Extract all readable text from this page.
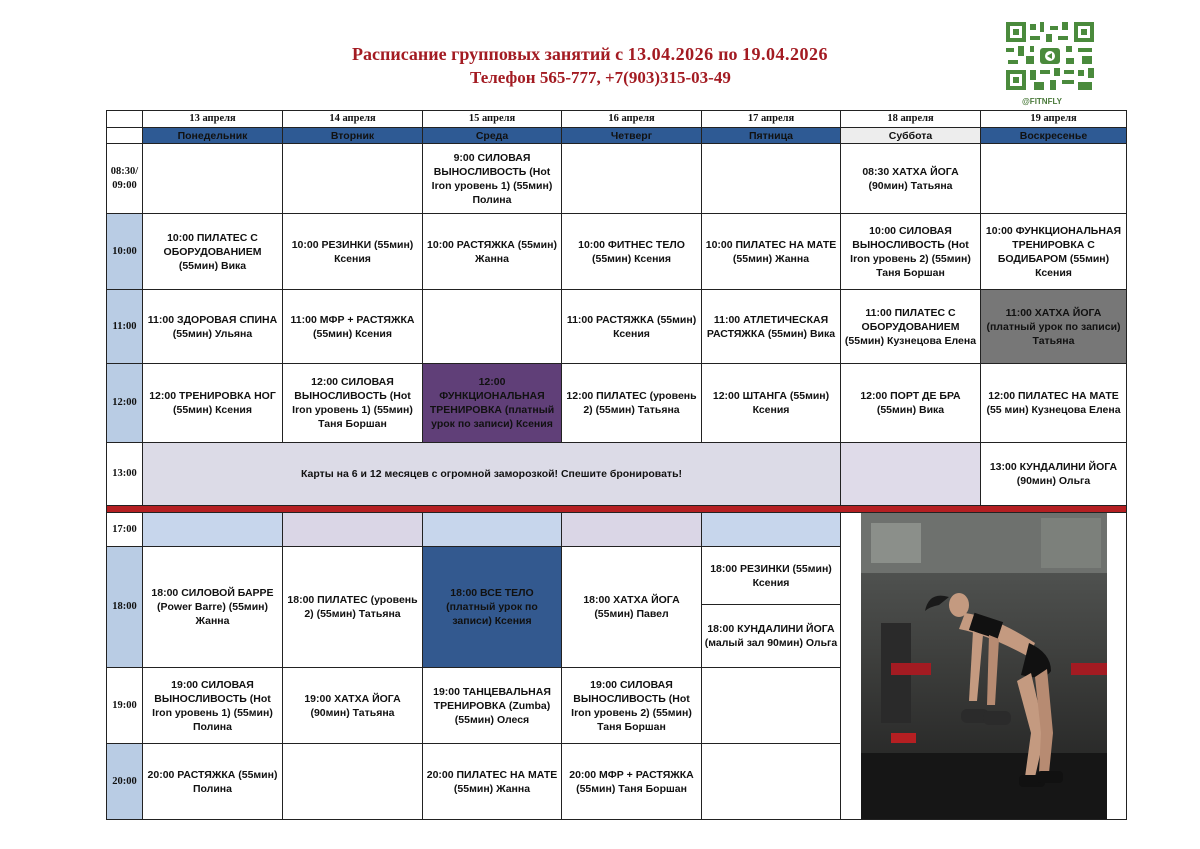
Расписание групповых занятий с 13.04.2026 по 19.04.2026
Телефон 565-777, +7(903)315-03-49
@FITNFLY
	13 апреля	14 апреля	15 апреля	16 апреля	17 апреля	18 апреля	19 апреля
	Понедельник	Вторник	Среда	Четверг	Пятница	Суббота	Воскресенье
08:30/ 09:00			9:00 СИЛОВАЯ ВЫНОСЛИВОСТЬ (Hot Iron уровень 1) (55мин) Полина			08:30 ХАТХА ЙОГА (90мин) Татьяна	
10:00	10:00 ПИЛАТЕС С ОБОРУДОВАНИЕМ (55мин) Вика	10:00 РЕЗИНКИ (55мин) Ксения	10:00 РАСТЯЖКА (55мин) Жанна	10:00 ФИТНЕС ТЕЛО (55мин) Ксения	10:00 ПИЛАТЕС НА МАТЕ (55мин) Жанна	10:00 СИЛОВАЯ ВЫНОСЛИВОСТЬ (Hot Iron уровень 2) (55мин) Таня Боршан	10:00 ФУНКЦИОНАЛЬНАЯ ТРЕНИРОВКА С БОДИБАРОМ (55мин) Ксения
11:00	11:00 ЗДОРОВАЯ СПИНА (55мин) Ульяна	11:00 МФР + РАСТЯЖКА (55мин) Ксения		11:00 РАСТЯЖКА (55мин) Ксения	11:00 АТЛЕТИЧЕСКАЯ РАСТЯЖКА (55мин) Вика	11:00 ПИЛАТЕС С ОБОРУДОВАНИЕМ (55мин) Кузнецова Елена	11:00 ХАТХА ЙОГА (платный урок по записи) Татьяна
12:00	12:00 ТРЕНИРОВКА НОГ (55мин) Ксения	12:00 СИЛОВАЯ ВЫНОСЛИВОСТЬ (Hot Iron уровень 1) (55мин) Таня Боршан	12:00 ФУНКЦИОНАЛЬНАЯ ТРЕНИРОВКА (платный урок по записи) Ксения	12:00 ПИЛАТЕС (уровень 2) (55мин) Татьяна	12:00 ШТАНГА (55мин) Ксения	12:00 ПОРТ ДЕ БРА (55мин) Вика	12:00 ПИЛАТЕС НА МАТЕ (55 мин) Кузнецова Елена
13:00	Карты на 6 и 12 месяцев с огромной заморозкой! Спешите бронировать!						13:00 КУНДАЛИНИ ЙОГА (90мин) Ольга

17:00						

18:00	18:00 СИЛОВОЙ БАРРЕ (Power Barre) (55мин) Жанна	18:00 ПИЛАТЕС (уровень 2) (55мин) Татьяна	18:00 ВСЕ ТЕЛО (платный урок по записи) Ксения	18:00 ХАТХА ЙОГА (55мин) Павел	18:00 РЕЗИНКИ (55мин) Ксения		
					18:00 КУНДАЛИНИ ЙОГА (малый зал 90мин) Ольга		
19:00	19:00 СИЛОВАЯ ВЫНОСЛИВОСТЬ (Hot Iron уровень 1) (55мин) Полина	19:00 ХАТХА ЙОГА (90мин) Татьяна	19:00 ТАНЦЕВАЛЬНАЯ ТРЕНИРОВКА (Zumba) (55мин) Олеся	19:00 СИЛОВАЯ ВЫНОСЛИВОСТЬ (Hot Iron уровень 2) (55мин) Таня Боршан			
20:00	20:00 РАСТЯЖКА (55мин) Полина		20:00 ПИЛАТЕС НА МАТЕ (55мин) Жанна	20:00 МФР + РАСТЯЖКА (55мин) Таня Боршан			
